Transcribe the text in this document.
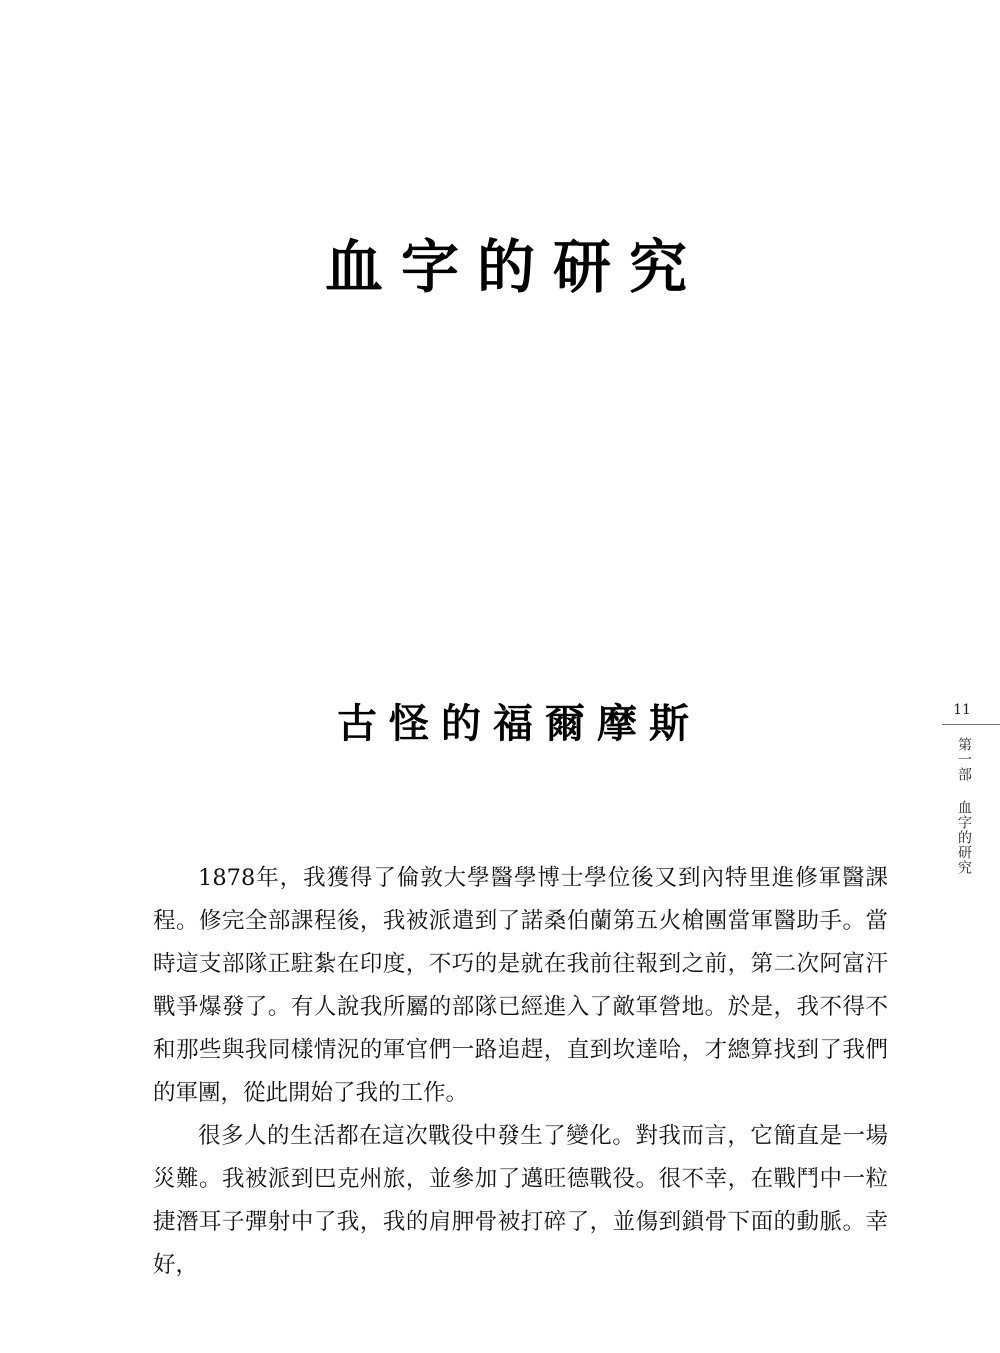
血字的研究
古怪的福爾摩斯

1878年，我獲得了倫敦大學醫學博士學位後又到內特里進修軍醫課程。修完全部課程後，我被派遣到了諾桑伯蘭第五火槍團當軍醫助手。當時這支部隊正駐紮在印度，不巧的是就在我前往報到之前，第二次阿富汗戰爭爆發了。有人說我所屬的部隊已經進入了敵軍營地。於是，我不得不和那些與我同樣情況的軍官們一路追趕，直到坎達哈，才總算找到了我們的軍團，從此開始了我的工作。

很多人的生活都在這次戰役中發生了變化。對我而言，它簡直是一場災難。我被派到巴克州旅，並參加了邁旺德戰役。很不幸，在戰鬥中一粒捷潛耳子彈射中了我，我的肩胛骨被打碎了，並傷到鎖骨下面的動脈。幸好，

11
第一部血字的研究
